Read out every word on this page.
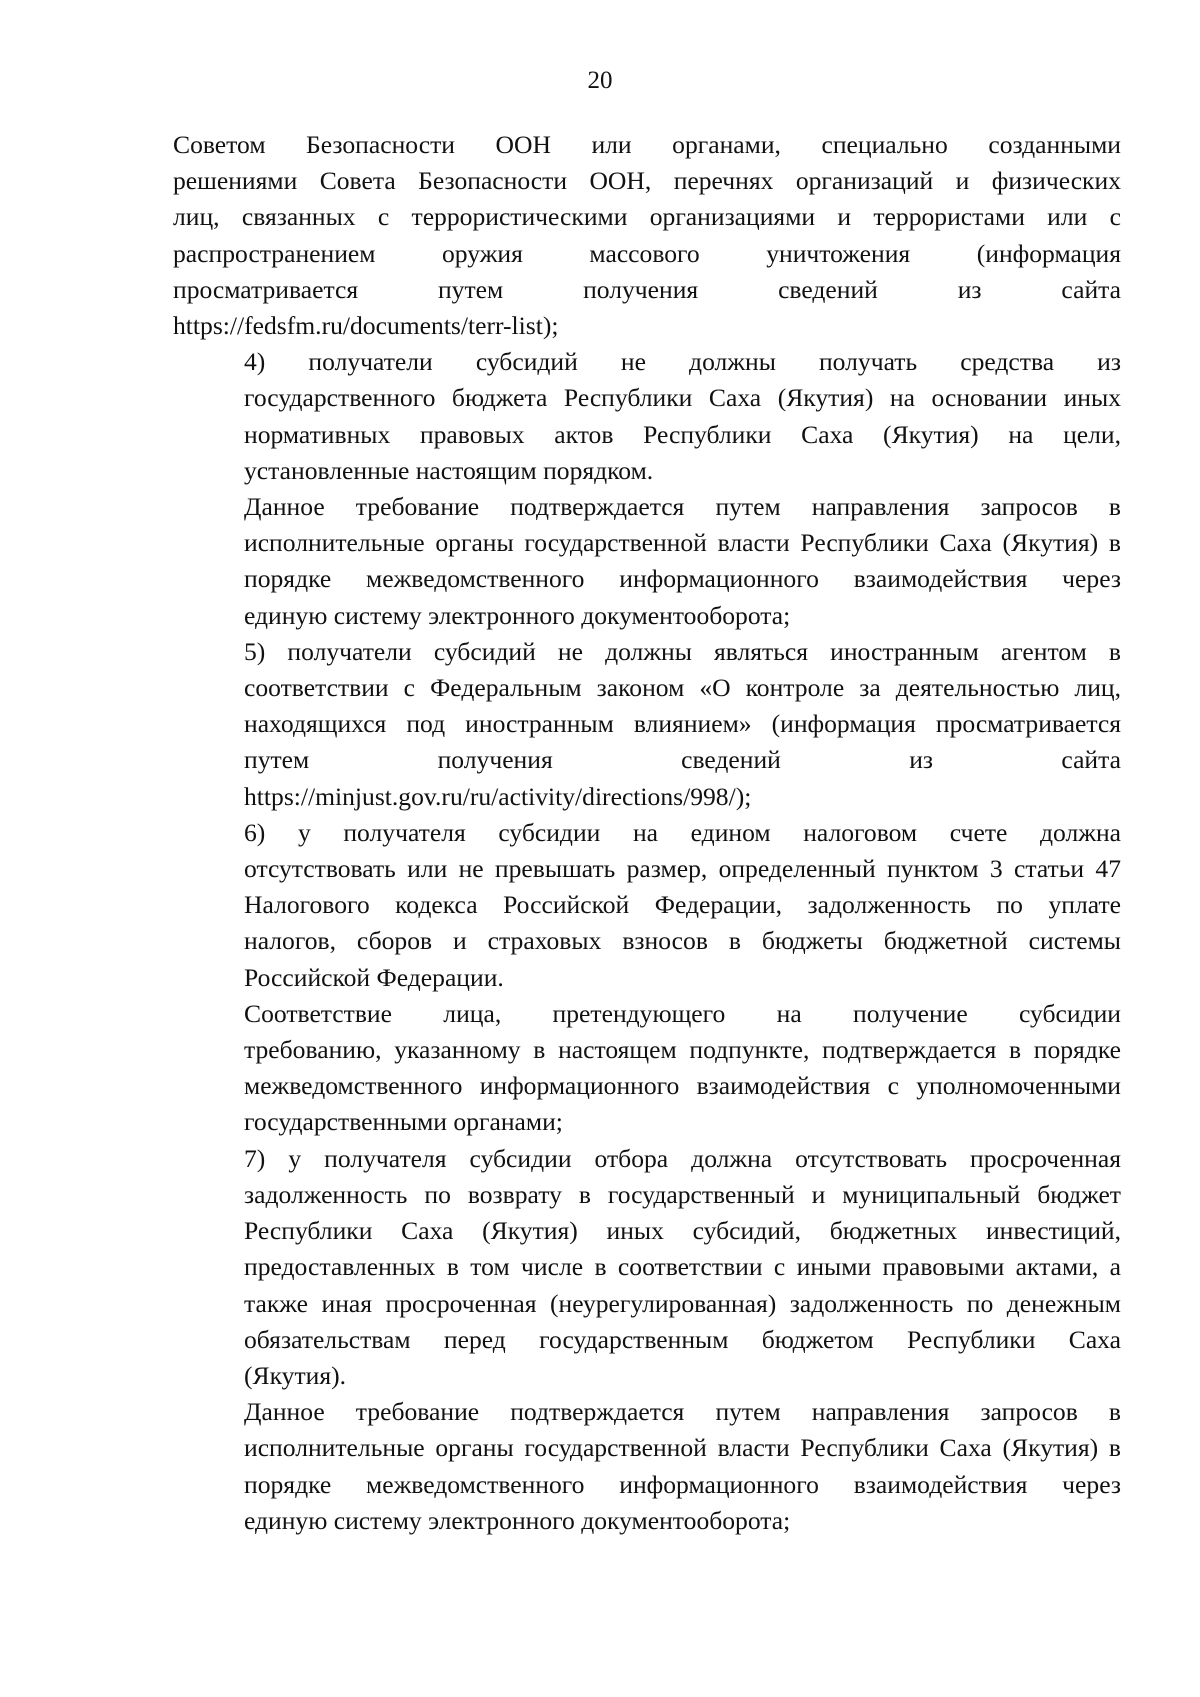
20

Советом Безопасности ООН или органами, специально созданными
решениями Совета Безопасности ООН, перечнях организаций и физических
лиц, связанных с террористическими организациями и террористами или с
распространением оружия массового уничтожения (информация
просматривается путем получения сведений из сайта
https://fedsfm.ru/documents/terr-list);

4) получатели субсидий не должны получать средства из
государственного бюджета Республики Саха (Якутия) на основании иных
нормативных правовых актов Республики Саха (Якутия) на цели,
установленные настоящим порядком.

Данное требование подтверждается путем направления запросов в
исполнительные органы государственной власти Республики Саха (Якутия) в
порядке межведомственного информационного взаимодействия через
единую систему электронного документооборота;

5) получатели субсидий не должны являться иностранным агентом в
соответствии с Федеральным законом «О контроле за деятельностью лиц,
находящихся под иностранным влиянием» (информация просматривается
путем получения сведений из сайта
https://minjust.gov.ru/ru/activity/directions/998/);

6) у получателя субсидии на едином налоговом счете должна
отсутствовать или не превышать размер, определенный пунктом 3 статьи 47
Налогового кодекса Российской Федерации, задолженность по уплате
налогов, сборов и страховых взносов в бюджеты бюджетной системы
Российской Федерации.

Соответствие лица, претендующего на получение субсидии
требованию, указанному в настоящем подпункте, подтверждается в порядке
межведомственного информационного взаимодействия с уполномоченными
государственными органами;

7) у получателя субсидии отбора должна отсутствовать просроченная
задолженность по возврату в государственный и муниципальный бюджет
Республики Саха (Якутия) иных субсидий, бюджетных инвестиций,
предоставленных в том числе в соответствии с иными правовыми актами, а
также иная просроченная (неурегулированная) задолженность по денежным
обязательствам перед государственным бюджетом Республики Саха
(Якутия).

Данное требование подтверждается путем направления запросов в
исполнительные органы государственной власти Республики Саха (Якутия) в
порядке межведомственного информационного взаимодействия через
единую систему электронного документооборота;
